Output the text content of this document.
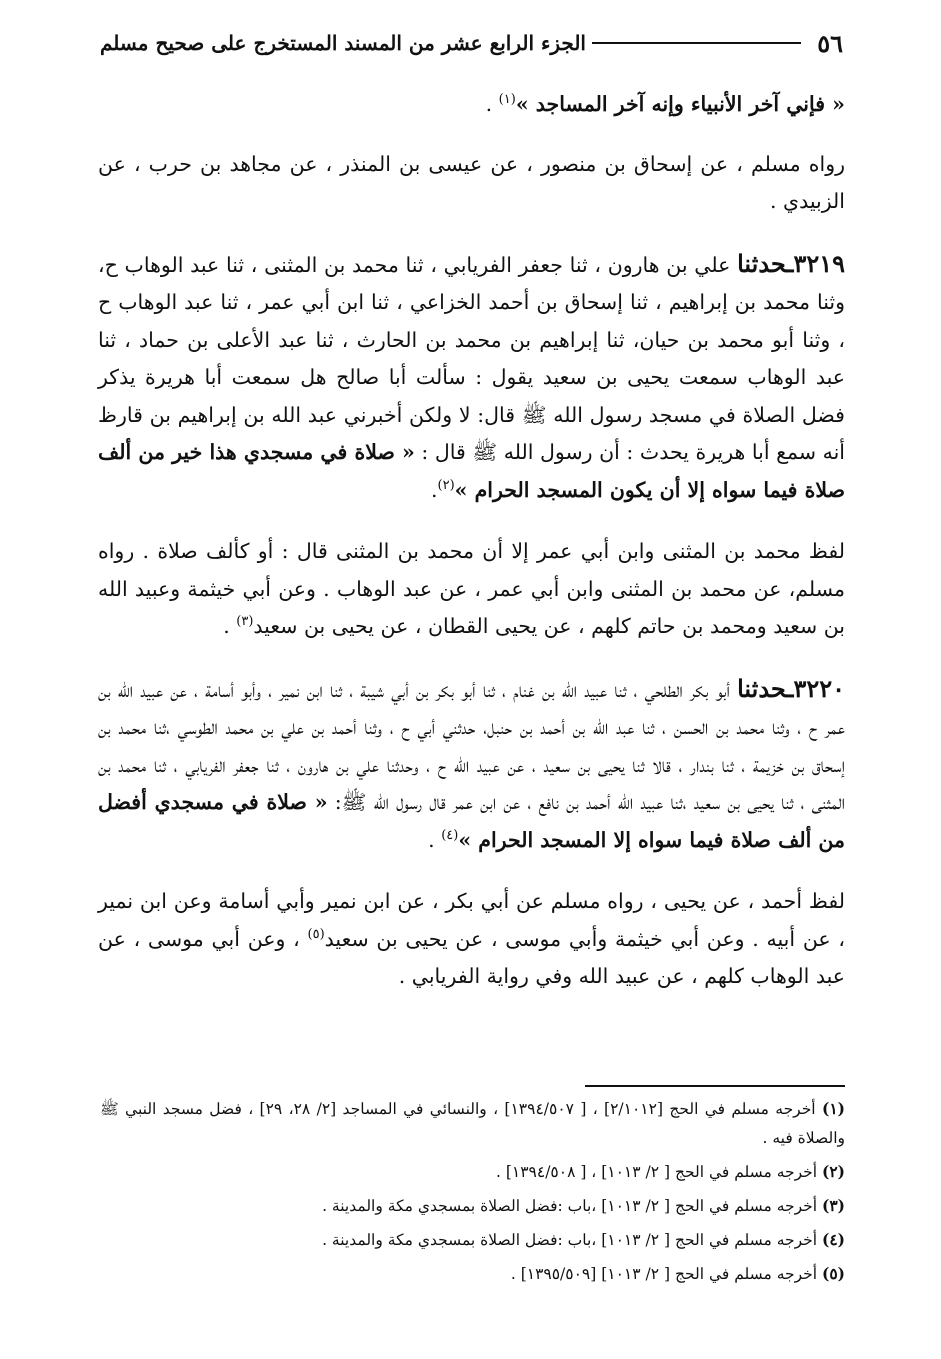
٥٦
الجزء الرابع عشر من المسند المستخرج على صحيح مسلم

« فإني آخر الأنبياء وإنه آخر المساجد »$^{(١)}$ .

رواه مسلم ، عن إسحاق بن منصور ، عن عيسى بن المنذر ، عن مجاهد بن حرب ، عن الزبيدي .

٣٢١٩ـحدثنا علي بن هارون ، ثنا جعفر الفريابي ، ثنا محمد بن المثنى ، ثنا عبد الوهاب ح، وثنا محمد بن إبراهيم ، ثنا إسحاق بن أحمد الخزاعي ، ثنا ابن أبي عمر ، ثنا عبد الوهاب ح ، وثنا أبو محمد بن حيان، ثنا إبراهيم بن محمد بن الحارث ، ثنا عبد الأعلى بن حماد ، ثنا عبد الوهاب سمعت يحيى بن سعيد يقول : سألت أبا صالح هل سمعت أبا هريرة يذكر فضل الصلاة في مسجد رسول الله ﷺ قال: لا ولكن أخبرني عبد الله بن إبراهيم بن قارظ أنه سمع أبا هريرة يحدث : أن رسول الله ﷺ قال : « صلاة في مسجدي هذا خير من ألف صلاة فيما سواه إلا أن يكون المسجد الحرام »$^{(٢)}$.

لفظ محمد بن المثنى وابن أبي عمر إلا أن محمد بن المثنى قال : أو كألف صلاة . رواه مسلم، عن محمد بن المثنى وابن أبي عمر ، عن عبد الوهاب . وعن أبي خيثمة وعبيد الله بن سعيد ومحمد بن حاتم كلهم ، عن يحيى القطان ، عن يحيى بن سعيد$^{(٣)}$ .

٣٢٢٠ـحدثنا أبو بكر الطلحي ، ثنا عبيد الله بن غنام ، ثنا أبو بكر بن أبي شيبة ، ثنا ابن نمير ، وأبو أسامة ، عن عبيد الله بن عمر ح ، وثنا محمد بن الحسن ، ثنا عبد الله بن أحمد بن حنبل، حدثني أبي ح ، وثنا أحمد بن علي بن محمد الطوسي ،ثنا محمد بن إسحاق بن خزيمة ، ثنا بندار ، قالا ثنا يحيى بن سعيد ، عن عبيد الله ح ، وحدثنا علي بن هارون ، ثنا جعفر الفريابي ، ثنا محمد بن المثنى ، ثنا يحيى بن سعيد ،ثنا عبيد الله أحمد بن نافع ، عن ابن عمر قال رسول الله ﷺ: « صلاة في مسجدي أفضل من ألف صلاة فيما سواه إلا المسجد الحرام »$^{(٤)}$ .

لفظ أحمد ، عن يحيى ، رواه مسلم عن أبي بكر ، عن ابن نمير وأبي أسامة وعن ابن نمير ، عن أبيه . وعن أبي خيثمة وأبي موسى ، عن يحيى بن سعيد$^{(٥)}$ ، وعن أبي موسى ، عن عبد الوهاب كلهم ، عن عبيد الله وفي رواية الفريابي .

(١) أخرجه مسلم في الحج [٢/١٠١٢] ، [ ١٣٩٤/٥٠٧] ، والنسائي في المساجد [٢/ ٢٨، ٢٩] ، فضل مسجد النبي ﷺ والصلاة فيه .

(٢) أخرجه مسلم في الحج [ ٢/ ١٠١٣] ، [ ١٣٩٤/٥٠٨] .

(٣) أخرجه مسلم في الحج [ ٢/ ١٠١٣] ،باب :فضل الصلاة بمسجدي مكة والمدينة .

(٤) أخرجه مسلم في الحج [ ٢/ ١٠١٣] ،باب :فضل الصلاة بمسجدي مكة والمدينة .

(٥) أخرجه مسلم في الحج [ ٢/ ١٠١٣] [١٣٩٥/٥٠٩] .
